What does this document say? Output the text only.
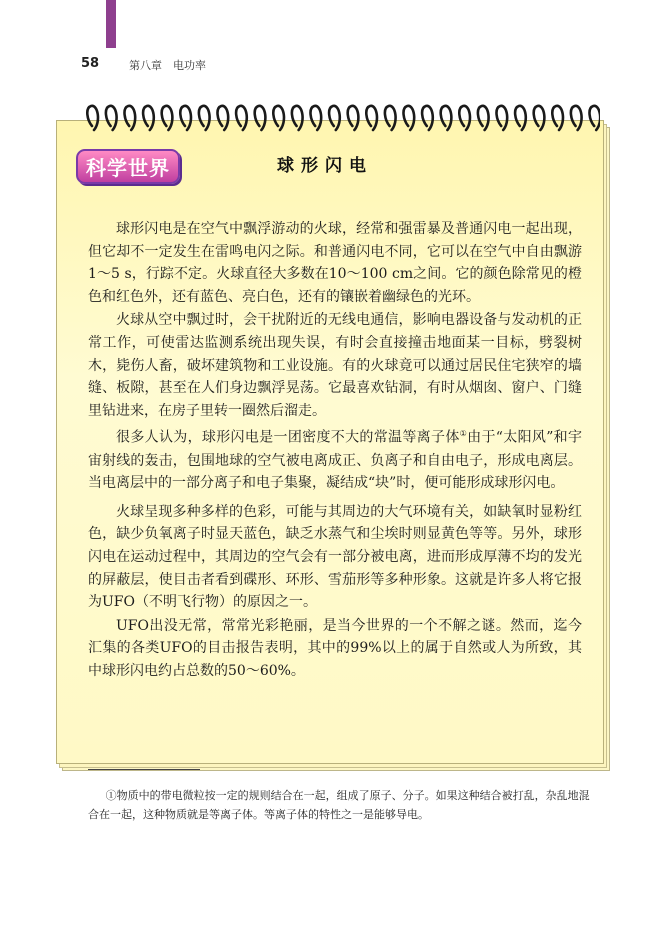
58	第八章　电功率
科学世界	球形闪电

球形闪电是在空气中飘浮游动的火球，经常和强雷暴及普通闪电一起出现，但它却不一定发生在雷鸣电闪之际。和普通闪电不同，它可以在空气中自由飘游1～5 s，行踪不定。火球直径大多数在10～100 cm之间。它的颜色除常见的橙色和红色外，还有蓝色、亮白色，还有的镶嵌着幽绿色的光环。

火球从空中飘过时，会干扰附近的无线电通信，影响电器设备与发动机的正常工作，可使雷达监测系统出现失误，有时会直接撞击地面某一目标，劈裂树木，毙伤人畜，破坏建筑物和工业设施。有的火球竟可以通过居民住宅狭窄的墙缝、板隙，甚至在人们身边飘浮晃荡。它最喜欢钻洞，有时从烟囱、窗户、门缝里钻进来，在房子里转一圈然后溜走。

很多人认为，球形闪电是一团密度不大的常温等离子体①由于“太阳风”和宇宙射线的轰击，包围地球的空气被电离成正、负离子和自由电子，形成电离层。当电离层中的一部分离子和电子集聚，凝结成“块”时，便可能形成球形闪电。

火球呈现多种多样的色彩，可能与其周边的大气环境有关，如缺氧时显粉红色，缺少负氧离子时显天蓝色，缺乏水蒸气和尘埃时则显黄色等等。另外，球形闪电在运动过程中，其周边的空气会有一部分被电离，进而形成厚薄不均的发光的屏蔽层，使目击者看到碟形、环形、雪茄形等多种形象。这就是许多人将它报为UFO（不明飞行物）的原因之一。

UFO出没无常，常常光彩艳丽，是当今世界的一个不解之谜。然而，迄今汇集的各类UFO的目击报告表明，其中的99%以上的属于自然或人为所致，其中球形闪电约占总数的50～60%。

①物质中的带电微粒按一定的规则结合在一起，组成了原子、分子。如果这种结合被打乱，杂乱地混合在一起，这种物质就是等离子体。等离子体的特性之一是能够导电。
